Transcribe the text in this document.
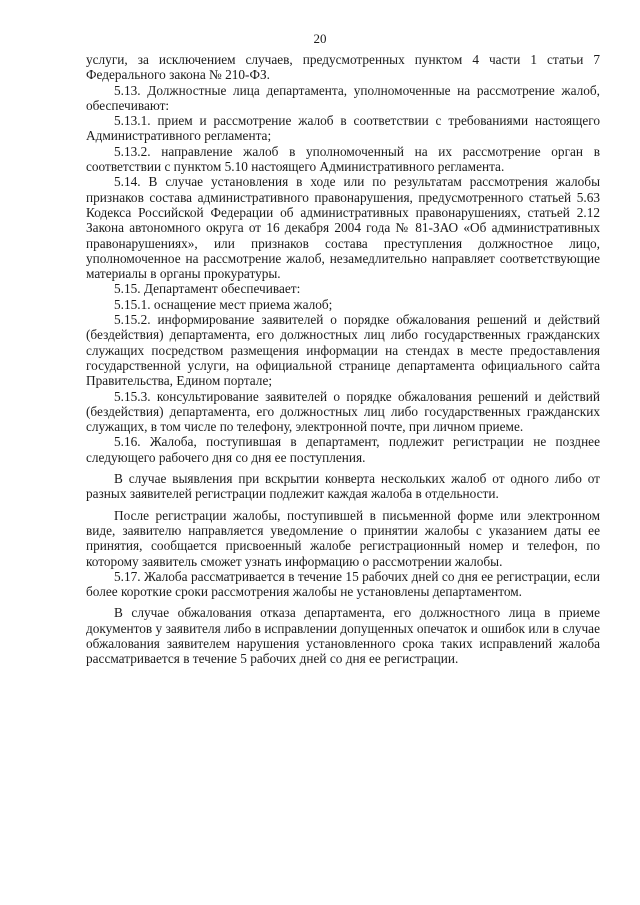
20

услуги, за исключением случаев, предусмотренных пунктом 4 части 1 статьи 7 Федерального закона № 210-ФЗ.

5.13. Должностные лица департамента, уполномоченные на рассмотрение жалоб, обеспечивают:

5.13.1. прием и рассмотрение жалоб в соответствии с требованиями настоящего Административного регламента;

5.13.2. направление жалоб в уполномоченный на их рассмотрение орган в соответствии с пунктом 5.10 настоящего Административного регламента.

5.14. В случае установления в ходе или по результатам рассмотрения жалобы признаков состава административного правонарушения, предусмотренного статьей 5.63 Кодекса Российской Федерации об административных правонарушениях, статьей 2.12 Закона автономного округа от 16 декабря 2004 года № 81-ЗАО «Об административных правонарушениях», или признаков состава преступления должностное лицо, уполномоченное на рассмотрение жалоб, незамедлительно направляет соответствующие материалы в органы прокуратуры.

5.15. Департамент обеспечивает:

5.15.1. оснащение мест приема жалоб;

5.15.2. информирование заявителей о порядке обжалования решений и действий (бездействия) департамента, его должностных лиц либо государственных гражданских служащих посредством размещения информации на стендах в месте предоставления государственной услуги, на официальной странице департамента официального сайта Правительства, Едином портале;

5.15.3. консультирование заявителей о порядке обжалования решений и действий (бездействия) департамента, его должностных лиц либо государственных гражданских служащих, в том числе по телефону, электронной почте, при личном приеме.

5.16. Жалоба, поступившая в департамент, подлежит регистрации не позднее следующего рабочего дня со дня ее поступления.

В случае выявления при вскрытии конверта нескольких жалоб от одного либо от разных заявителей регистрации подлежит каждая жалоба в отдельности.

После регистрации жалобы, поступившей в письменной форме или электронном виде, заявителю направляется уведомление о принятии жалобы с указанием даты ее принятия, сообщается присвоенный жалобе регистрационный номер и телефон, по которому заявитель сможет узнать информацию о рассмотрении жалобы.

5.17. Жалоба рассматривается в течение 15 рабочих дней со дня ее регистрации, если более короткие сроки рассмотрения жалобы не установлены департаментом.

В случае обжалования отказа департамента, его должностного лица в приеме документов у заявителя либо в исправлении допущенных опечаток и ошибок или в случае обжалования заявителем нарушения установленного срока таких исправлений жалоба рассматривается в течение 5 рабочих дней со дня ее регистрации.
